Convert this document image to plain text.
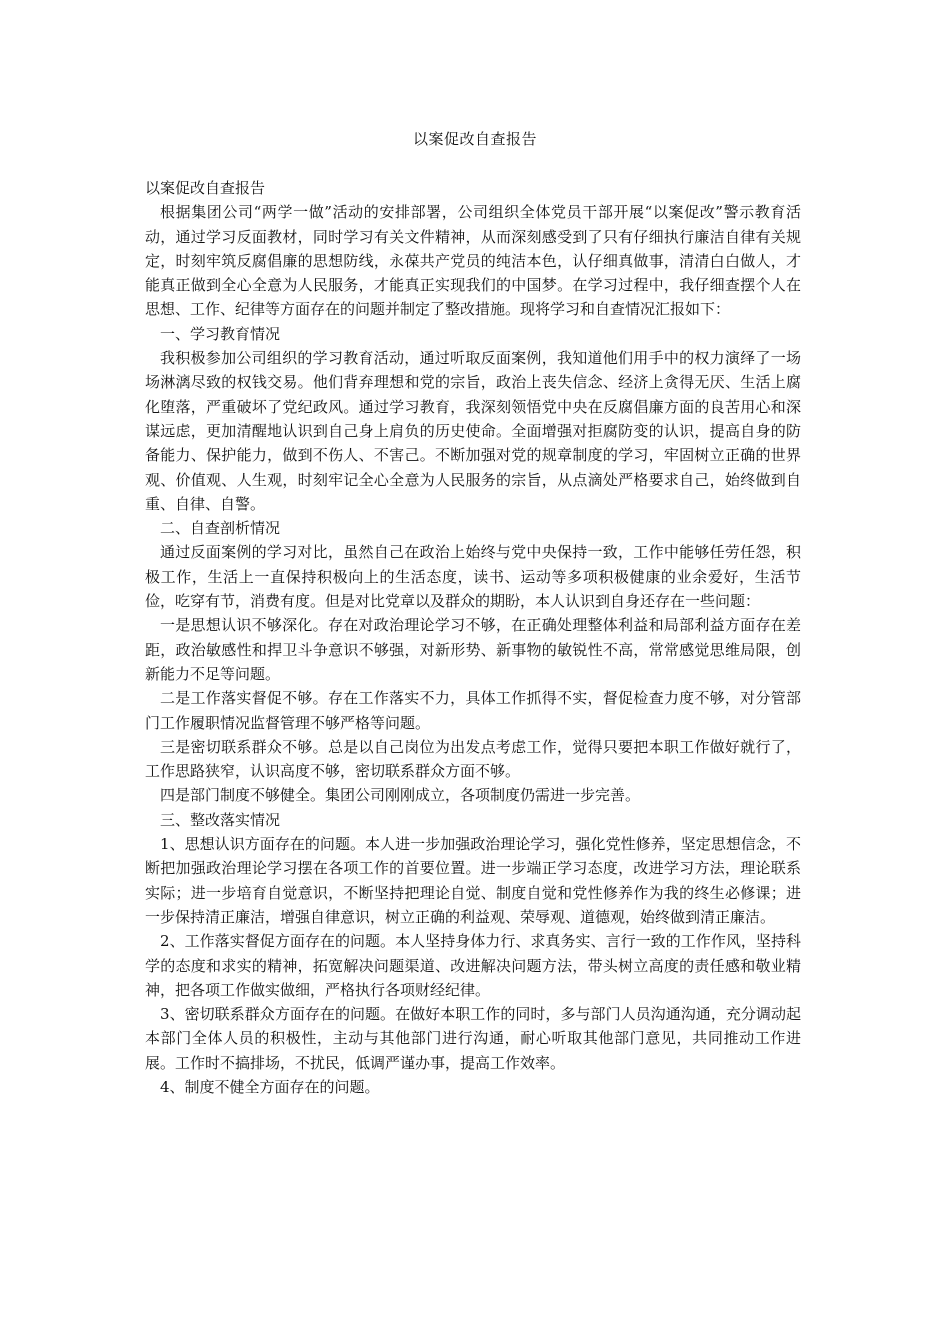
以案促改自查报告

以案促改自查报告

根据集团公司“两学一做”活动的安排部署，公司组织全体党员干部开展“以案促改”警示教育活动，通过学习反面教材，同时学习有关文件精神，从而深刻感受到了只有仔细执行廉洁自律有关规定，时刻牢筑反腐倡廉的思想防线，永葆共产党员的纯洁本色，认仔细真做事，清清白白做人，才能真正做到全心全意为人民服务，才能真正实现我们的中国梦。在学习过程中，我仔细查摆个人在思想、工作、纪律等方面存在的问题并制定了整改措施。现将学习和自查情况汇报如下：

一、学习教育情况

我积极参加公司组织的学习教育活动，通过听取反面案例，我知道他们用手中的权力演绎了一场场淋漓尽致的权钱交易。他们背弃理想和党的宗旨，政治上丧失信念、经济上贪得无厌、生活上腐化堕落，严重破坏了党纪政风。通过学习教育，我深刻领悟党中央在反腐倡廉方面的良苦用心和深谋远虑，更加清醒地认识到自己身上肩负的历史使命。全面增强对拒腐防变的认识，提高自身的防备能力、保护能力，做到不伤人、不害己。不断加强对党的规章制度的学习，牢固树立正确的世界观、价值观、人生观，时刻牢记全心全意为人民服务的宗旨，从点滴处严格要求自己，始终做到自重、自律、自警。

二、自查剖析情况

通过反面案例的学习对比，虽然自己在政治上始终与党中央保持一致，工作中能够任劳任怨，积极工作，生活上一直保持积极向上的生活态度，读书、运动等多项积极健康的业余爱好，生活节俭，吃穿有节，消费有度。但是对比党章以及群众的期盼，本人认识到自身还存在一些问题：

一是思想认识不够深化。存在对政治理论学习不够，在正确处理整体利益和局部利益方面存在差距，政治敏感性和捍卫斗争意识不够强，对新形势、新事物的敏锐性不高，常常感觉思维局限，创新能力不足等问题。

二是工作落实督促不够。存在工作落实不力，具体工作抓得不实，督促检查力度不够，对分管部门工作履职情况监督管理不够严格等问题。

三是密切联系群众不够。总是以自己岗位为出发点考虑工作，觉得只要把本职工作做好就行了，工作思路狭窄，认识高度不够，密切联系群众方面不够。

四是部门制度不够健全。集团公司刚刚成立，各项制度仍需进一步完善。

三、整改落实情况

1、思想认识方面存在的问题。本人进一步加强政治理论学习，强化党性修养，坚定思想信念，不断把加强政治理论学习摆在各项工作的首要位置。进一步端正学习态度，改进学习方法，理论联系实际；进一步培育自觉意识，不断坚持把理论自觉、制度自觉和党性修养作为我的终生必修课；进一步保持清正廉洁，增强自律意识，树立正确的利益观、荣辱观、道德观，始终做到清正廉洁。

2、工作落实督促方面存在的问题。本人坚持身体力行、求真务实、言行一致的工作作风，坚持科学的态度和求实的精神，拓宽解决问题渠道、改进解决问题方法，带头树立高度的责任感和敬业精神，把各项工作做实做细，严格执行各项财经纪律。

3、密切联系群众方面存在的问题。在做好本职工作的同时，多与部门人员沟通沟通，充分调动起本部门全体人员的积极性，主动与其他部门进行沟通，耐心听取其他部门意见，共同推动工作进展。工作时不搞排场，不扰民，低调严谨办事，提高工作效率。

4、制度不健全方面存在的问题。
